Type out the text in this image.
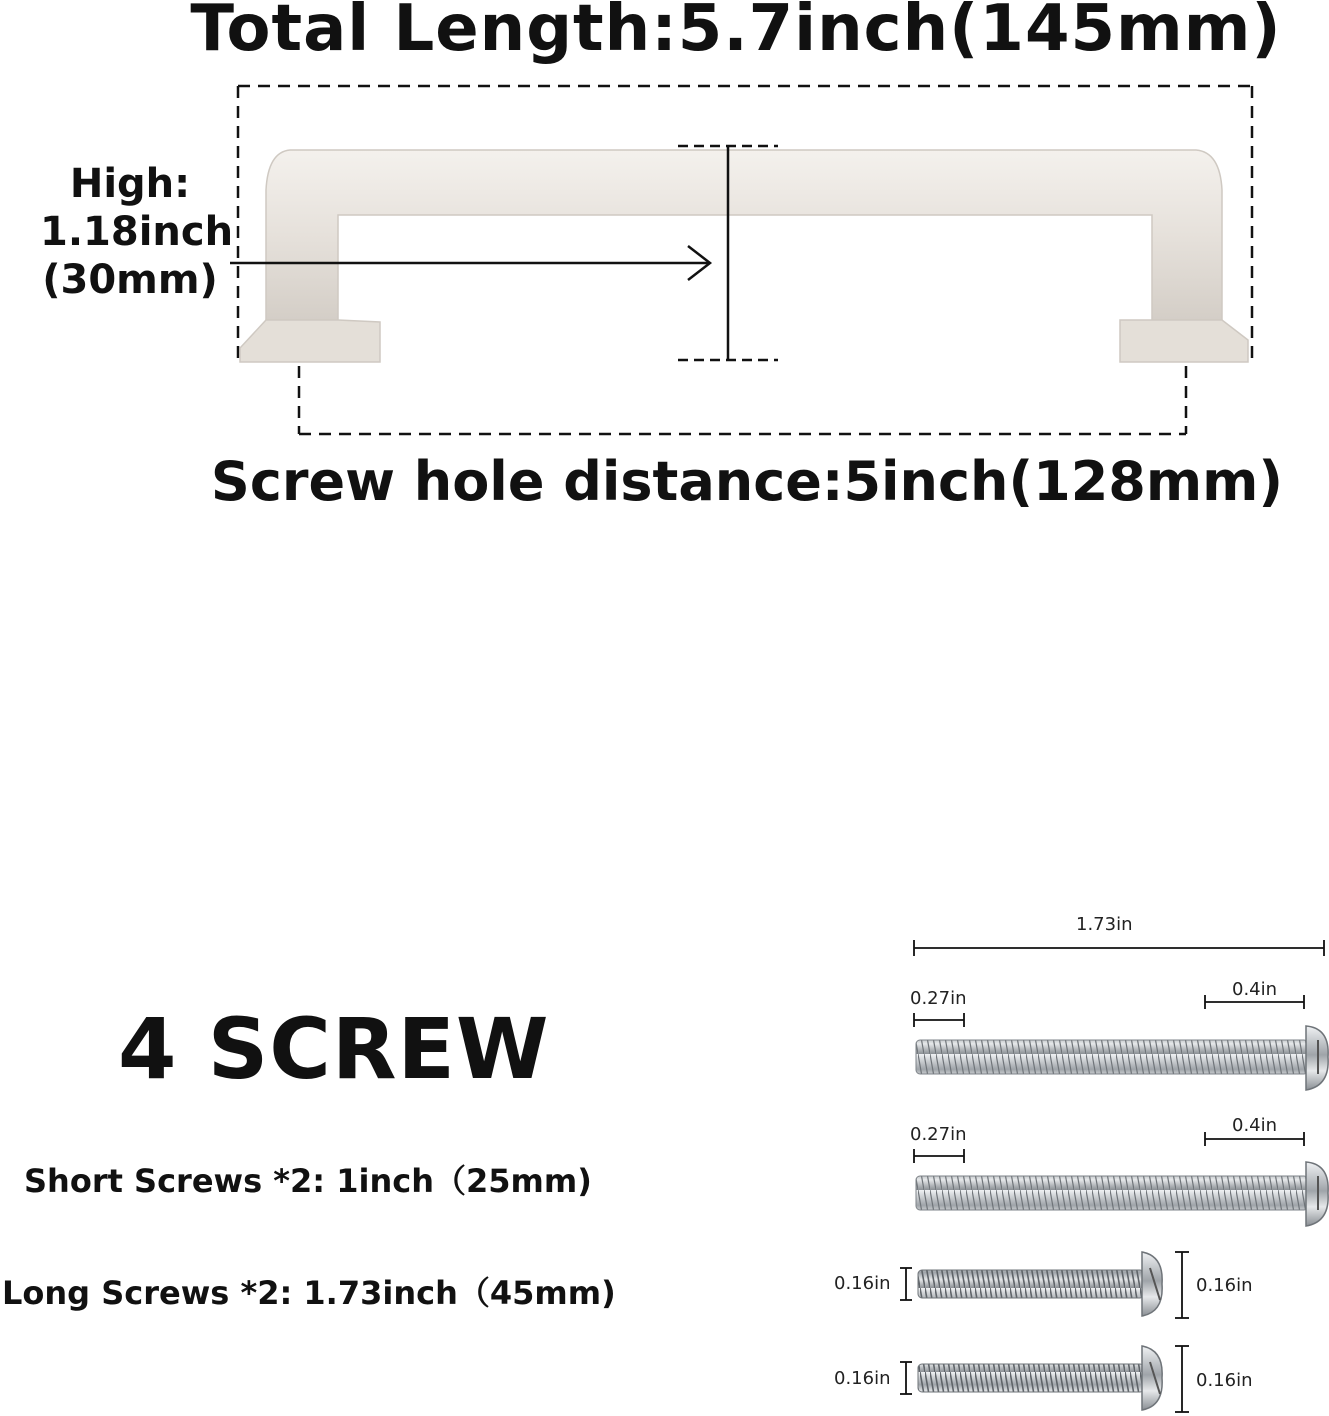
Total Length:5.7inch(145mm)
High:
1.18inch
(30mm)
Screw hole distance:5inch(128mm)
4 SCREW
Short Screws *2: 1inch（25mm)
Long Screws *2: 1.73inch（45mm)
1.73in
0.27in	0.4in
0.27in	0.4in
0.16in	0.16in
0.16in	0.16in
